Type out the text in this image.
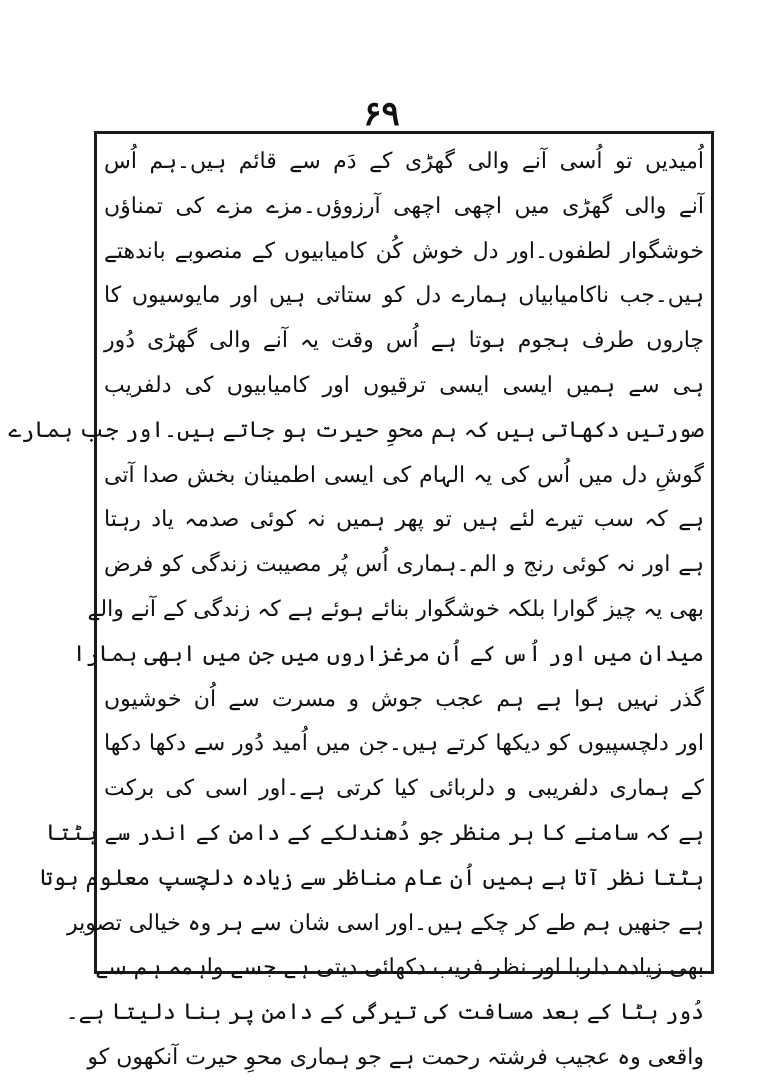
۶۹
اُمیدیں تو اُسی آنے والی گھڑی کے دَم سے قائم ہیں۔ہم اُس
آنے والی گھڑی میں اچھی اچھی آرزوؤں۔مزے مزے کی تمناؤں
خوشگوار لطفوں۔اور دل خوش کُن کامیابیوں کے منصوبے باندھتے
ہیں۔جب ناکامیابیاں ہمارے دل کو ستاتی ہیں اور مایوسیوں کا
چاروں طرف ہجوم ہوتا ہے اُس وقت یہ آنے والی گھڑی دُور
ہی سے ہمیں ایسی ایسی ترقیوں اور کامیابیوں کی دلفریب
صورتیں دکھاتی ہیں کہ ہم محوِ حیرت ہو جاتے ہیں۔اور جب ہمارے
گوشِ دل میں اُس کی یہ الہام کی ایسی اطمینان بخش صدا آتی
ہے کہ سب تیرے لئے ہیں تو پھر ہمیں نہ کوئی صدمہ یاد رہتا
ہے اور نہ کوئی رنج و الم۔ہماری اُس پُر مصیبت زندگی کو فرض
بھی یہ چیز گوارا بلکہ خوشگوار بنائے ہوئے ہے کہ زندگی کے آنے والے
میدان میں اور اُس کے اُن مرغزاروں میں جن میں ابھی ہمارا
گذر نہیں ہوا ہے ہم عجب جوش و مسرت سے اُن خوشیوں
اور دلچسپیوں کو دیکھا کرتے ہیں۔جن میں اُمید دُور سے دکھا دکھا
کے ہماری دلفریبی و دلربائی کیا کرتی ہے۔اور اسی کی برکت
ہے کہ سامنے کا ہر منظر جو دُھندلکے کے دامن کے اندر سے ہٹتا
ہٹتا نظر آتا ہے ہمیں اُن عام مناظر سے زیادہ دلچسپ معلوم ہوتا
ہے جنھیں ہم طے کر چکے ہیں۔اور اسی شان سے ہر وہ خیالی تصویر
بھی زیادہ دلربا اور نظر فریب دکھائی دیتی ہے جسے واہمہ ہم سے
دُور ہٹا کے بعد مسافت کی تیرگی کے دامن پر بنا دلیتا ہے۔
واقعی وہ عجیب فرشتہ رحمت ہے جو ہماری محوِ حیرت آنکھوں کو
